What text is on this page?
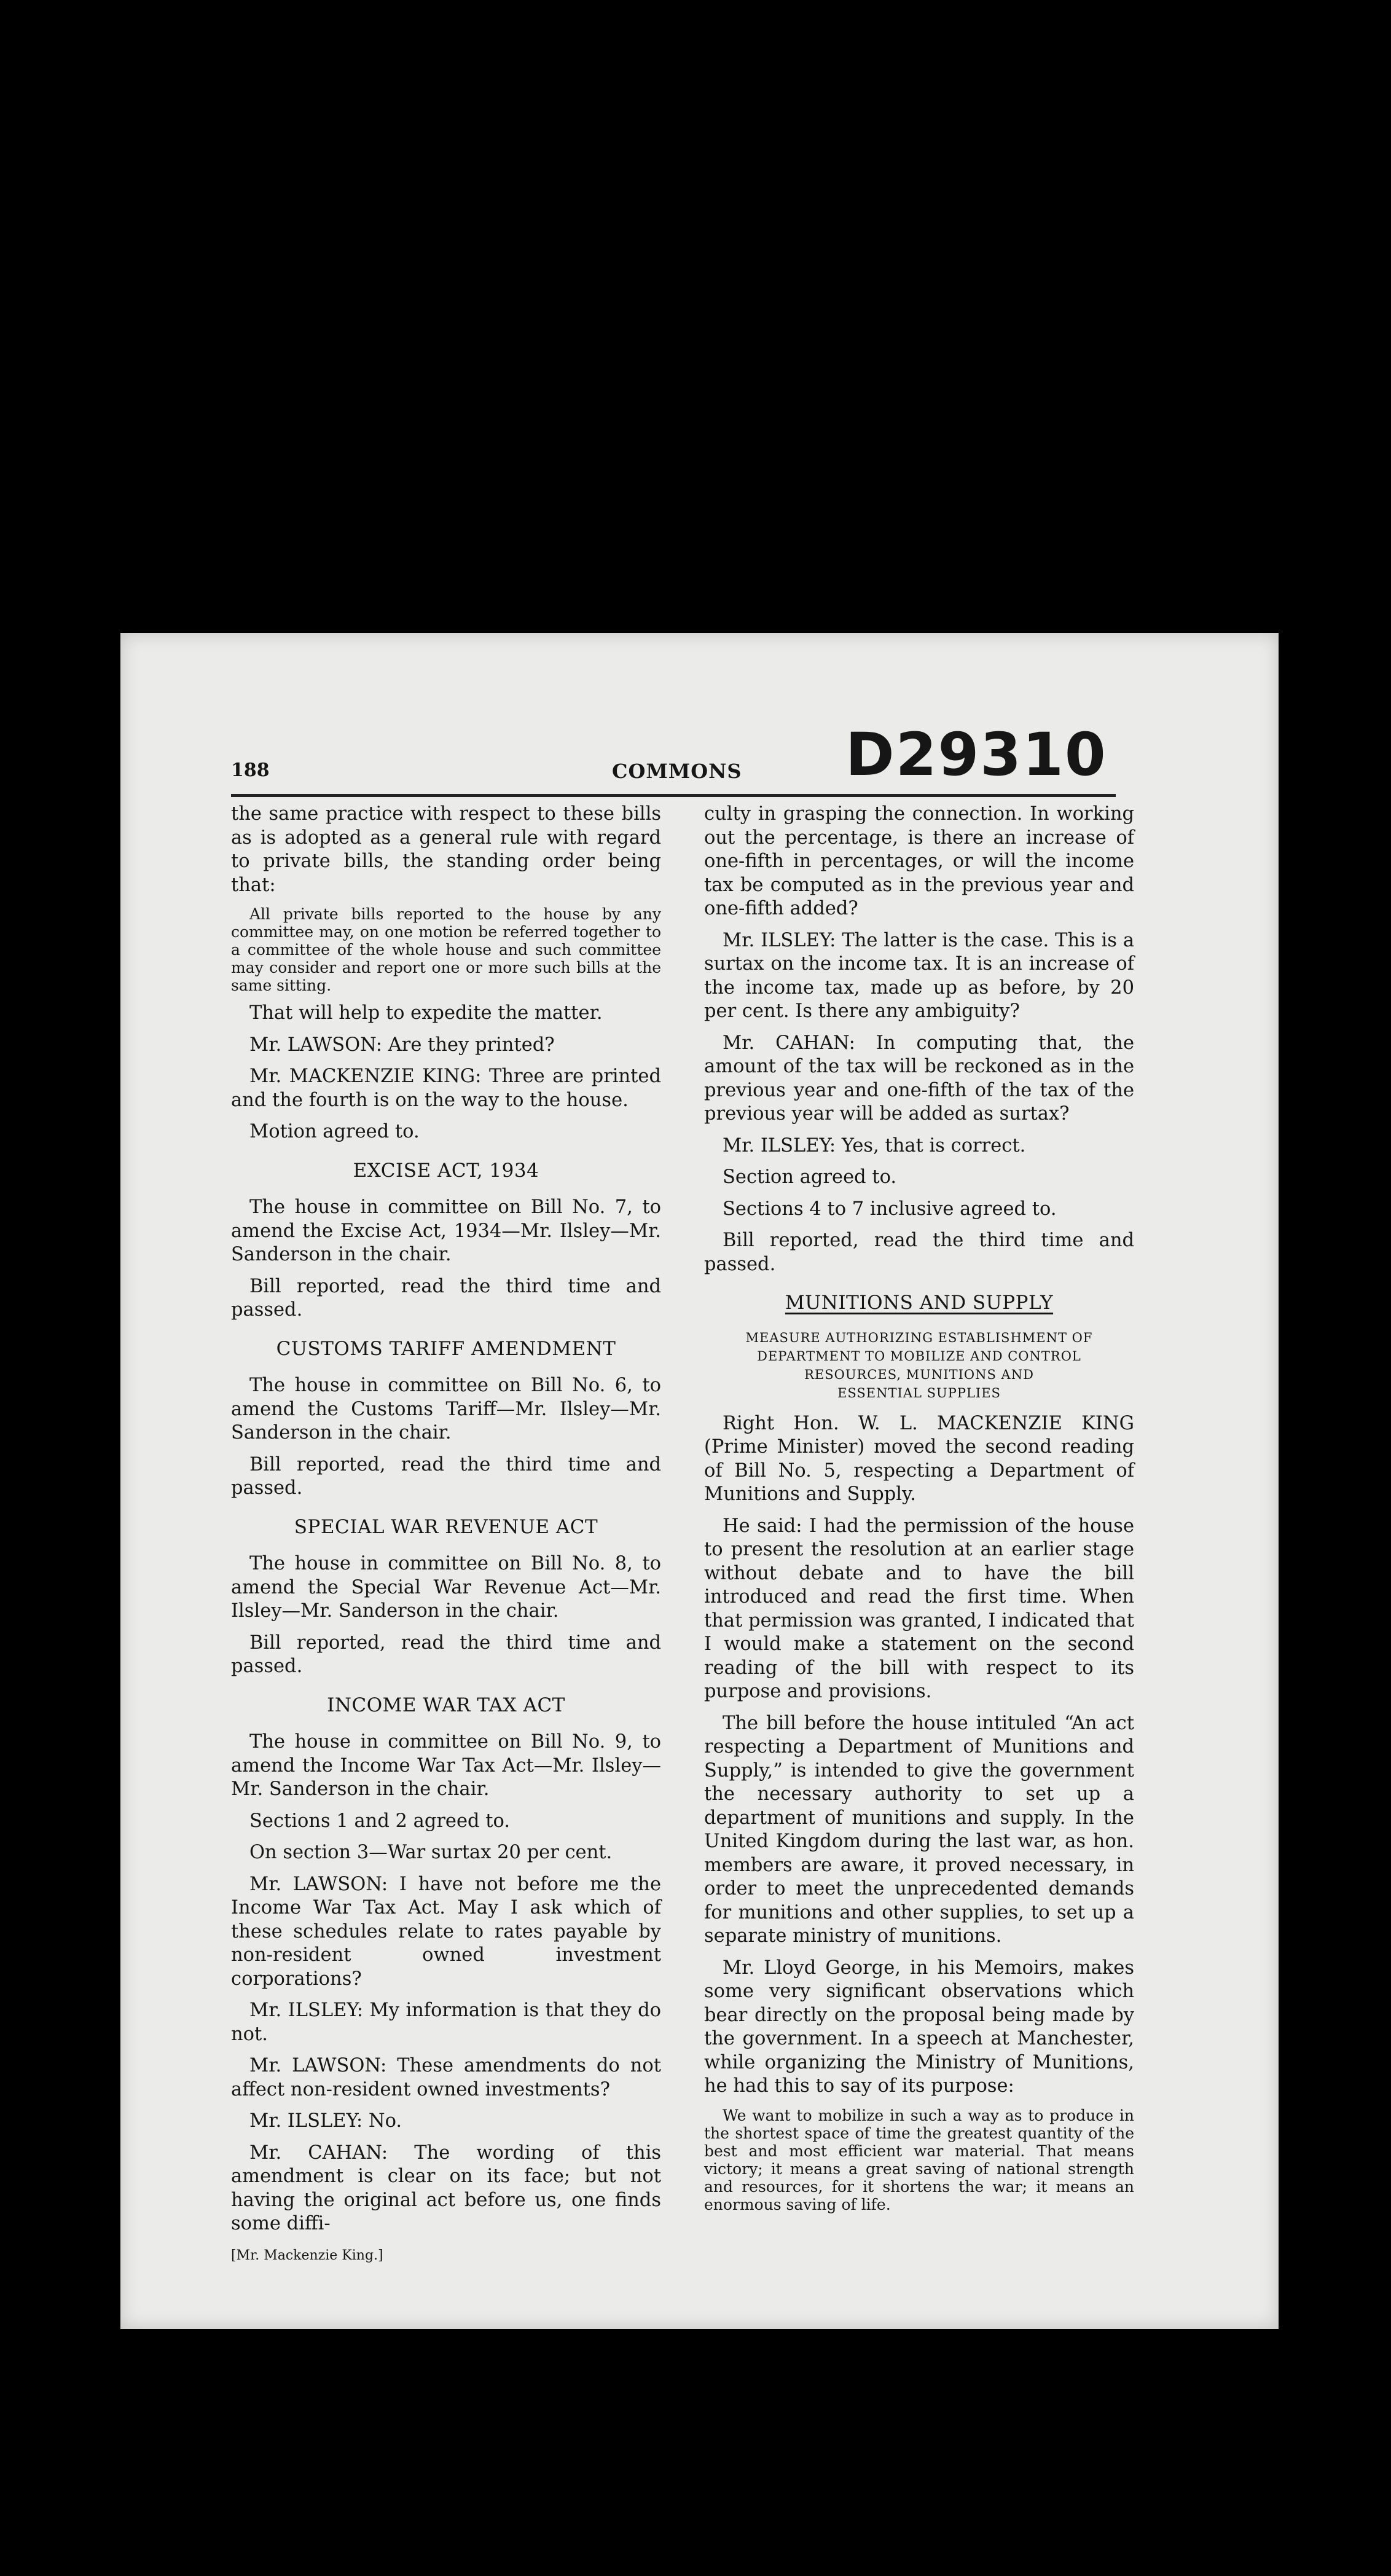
188	COMMONS D29310

the same practice with respect to these bills as is adopted as a general rule with regard to private bills, the standing order being that:

All private bills reported to the house by any committee may, on one motion be referred together to a committee of the whole house and such committee may consider and report one or more such bills at the same sitting.

That will help to expedite the matter.

Mr. LAWSON: Are they printed?

Mr. MACKENZIE KING: Three are printed and the fourth is on the way to the house.

Motion agreed to.

EXCISE ACT, 1934

The house in committee on Bill No. 7, to amend the Excise Act, 1934—Mr. Ilsley—Mr. Sanderson in the chair.

Bill reported, read the third time and passed.

CUSTOMS TARIFF AMENDMENT

The house in committee on Bill No. 6, to amend the Customs Tariff—Mr. Ilsley—Mr. Sanderson in the chair.

Bill reported, read the third time and passed.

SPECIAL WAR REVENUE ACT

The house in committee on Bill No. 8, to amend the Special War Revenue Act—Mr. Ilsley—Mr. Sanderson in the chair.

Bill reported, read the third time and passed.

INCOME WAR TAX ACT

The house in committee on Bill No. 9, to amend the Income War Tax Act—Mr. Ilsley—Mr. Sanderson in the chair.

Sections 1 and 2 agreed to.

On section 3—War surtax 20 per cent.

Mr. LAWSON: I have not before me the Income War Tax Act. May I ask which of these schedules relate to rates payable by non-resident owned investment corporations?

Mr. ILSLEY: My information is that they do not.

Mr. LAWSON: These amendments do not affect non-resident owned investments?

Mr. ILSLEY: No.

Mr. CAHAN: The wording of this amendment is clear on its face; but not having the original act before us, one finds some diffi-

[Mr. Mackenzie King.]

culty in grasping the connection. In working out the percentage, is there an increase of one-fifth in percentages, or will the income tax be computed as in the previous year and one-fifth added?

Mr. ILSLEY: The latter is the case. This is a surtax on the income tax. It is an increase of the income tax, made up as before, by 20 per cent. Is there any ambiguity?

Mr. CAHAN: In computing that, the amount of the tax will be reckoned as in the previous year and one-fifth of the tax of the previous year will be added as surtax?

Mr. ILSLEY: Yes, that is correct.

Section agreed to.

Sections 4 to 7 inclusive agreed to.

Bill reported, read the third time and passed.

MUNITIONS AND SUPPLY
MEASURE AUTHORIZING ESTABLISHMENT OF
DEPARTMENT TO MOBILIZE AND CONTROL
RESOURCES, MUNITIONS AND
ESSENTIAL SUPPLIES

Right Hon. W. L. MACKENZIE KING (Prime Minister) moved the second reading of Bill No. 5, respecting a Department of Munitions and Supply.

He said: I had the permission of the house to present the resolution at an earlier stage without debate and to have the bill introduced and read the first time. When that permission was granted, I indicated that I would make a statement on the second reading of the bill with respect to its purpose and provisions.

The bill before the house intituled “An act respecting a Department of Munitions and Supply,” is intended to give the government the necessary authority to set up a department of munitions and supply. In the United Kingdom during the last war, as hon. members are aware, it proved necessary, in order to meet the unprecedented demands for munitions and other supplies, to set up a separate ministry of munitions.

Mr. Lloyd George, in his Memoirs, makes some very significant observations which bear directly on the proposal being made by the government. In a speech at Manchester, while organizing the Ministry of Munitions, he had this to say of its purpose:

We want to mobilize in such a way as to produce in the shortest space of time the greatest quantity of the best and most efficient war material. That means victory; it means a great saving of national strength and resources, for it shortens the war; it means an enormous saving of life.
